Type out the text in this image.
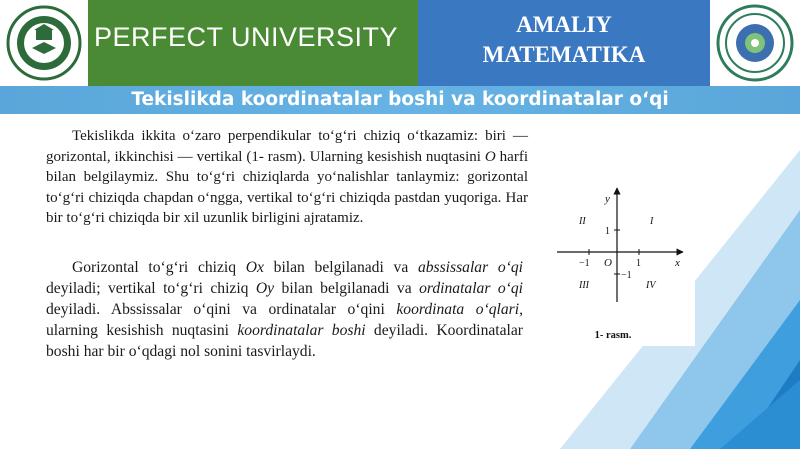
PERFECT UNIVERSITY	AMALIY
MATEMATIKA
Tekislikda koordinatalar boshi va koordinatalar o‘qi
Tekislikda ikkita o‘zaro perpendikular to‘g‘ri chiziq o‘tkazamiz: biri — gorizontal, ikkinchisi — vertikal (1- rasm). Ularning kesishish nuqtasini O harfi bilan belgilaymiz. Shu to‘g‘ri chiziqlarda yo‘nalishlar tanlaymiz: gorizontal to‘g‘ri chiziqda chapdan o‘ngga, vertikal to‘g‘ri chiziqda pastdan yuqoriga. Har bir to‘g‘ri chiziqda bir xil uzunlik birligini ajratamiz.
Gorizontal to‘g‘ri chiziq Ox bilan belgilanadi va abssissalar o‘qi deyiladi; vertikal to‘g‘ri chiziq Oy bilan belgilanadi va ordinatalar o‘qi deyiladi. Abssissalar o‘qini va ordinatalar o‘qini koordinata o‘qlari, ularning kesishish nuqtasini koordinatalar boshi deyiladi. Koordinatalar boshi har bir o‘qdagi nol sonini tasvirlaydi.
y
x
O
1
1
−1
−1
I
II
III	IV
1- rasm.
